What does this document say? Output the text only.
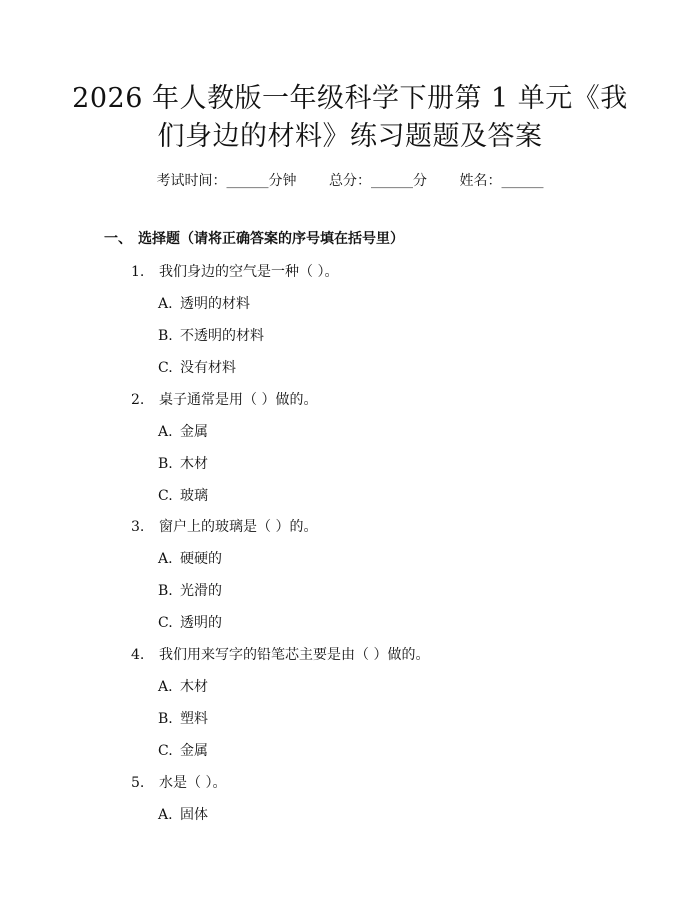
2026 年人教版一年级科学下册第 1 单元《我
们身边的材料》练习题题及答案
考试时间：______分钟 总分：______分 姓名：______
一、 选择题（请将正确答案的序号填在括号里）
1. 我们身边的空气是一种（ ）。
A. 透明的材料
B. 不透明的材料
C. 没有材料
2. 桌子通常是用（ ）做的。
A. 金属
B. 木材
C. 玻璃
3. 窗户上的玻璃是（ ）的。
A. 硬硬的
B. 光滑的
C. 透明的
4. 我们用来写字的铅笔芯主要是由（ ）做的。
A. 木材
B. 塑料
C. 金属
5. 水是（ ）。
A. 固体
